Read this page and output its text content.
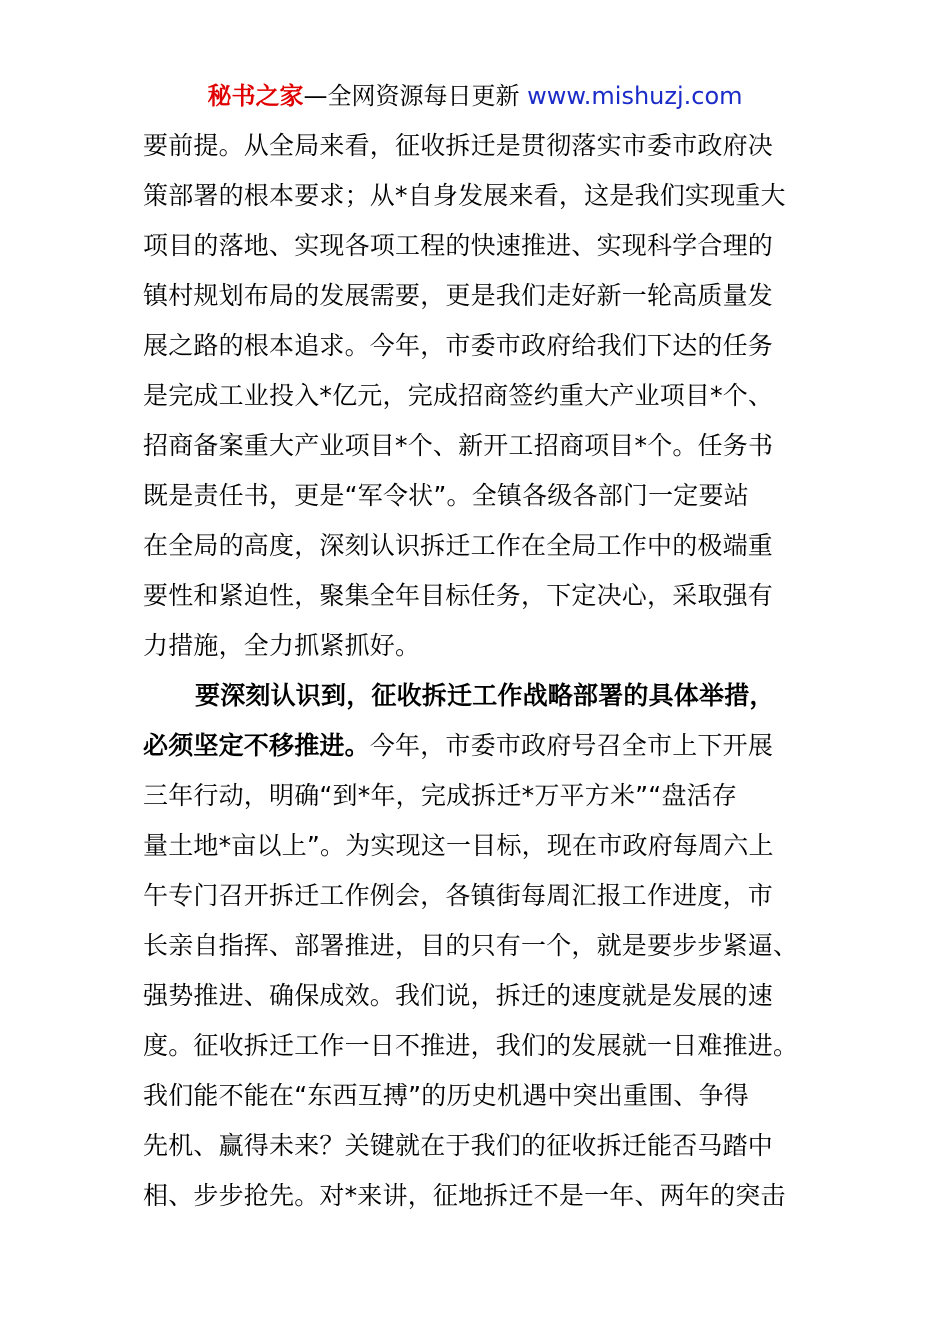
秘书之家—全网资源每日更新 www.mishuzj.com
要前提。从全局来看，征收拆迁是贯彻落实市委市政府决
策部署的根本要求；从*自身发展来看，这是我们实现重大
项目的落地、实现各项工程的快速推进、实现科学合理的
镇村规划布局的发展需要，更是我们走好新一轮高质量发
展之路的根本追求。今年，市委市政府给我们下达的任务
是完成工业投入*亿元，完成招商签约重大产业项目*个、
招商备案重大产业项目*个、新开工招商项目*个。任务书
既是责任书，更是“军令状”。全镇各级各部门一定要站
在全局的高度，深刻认识拆迁工作在全局工作中的极端重
要性和紧迫性，聚集全年目标任务，下定决心，采取强有
力措施，全力抓紧抓好。
要深刻认识到，征收拆迁工作战略部署的具体举措，
必须坚定不移推进。今年，市委市政府号召全市上下开展
三年行动，明确“到*年，完成拆迁*万平方米”“盘活存
量土地*亩以上”。为实现这一目标，现在市政府每周六上
午专门召开拆迁工作例会，各镇街每周汇报工作进度，市
长亲自指挥、部署推进，目的只有一个，就是要步步紧逼、
强势推进、确保成效。我们说，拆迁的速度就是发展的速
度。征收拆迁工作一日不推进，我们的发展就一日难推进。
我们能不能在“东西互搏”的历史机遇中突出重围、争得
先机、赢得未来？关键就在于我们的征收拆迁能否马踏中
相、步步抢先。对*来讲，征地拆迁不是一年、两年的突击
